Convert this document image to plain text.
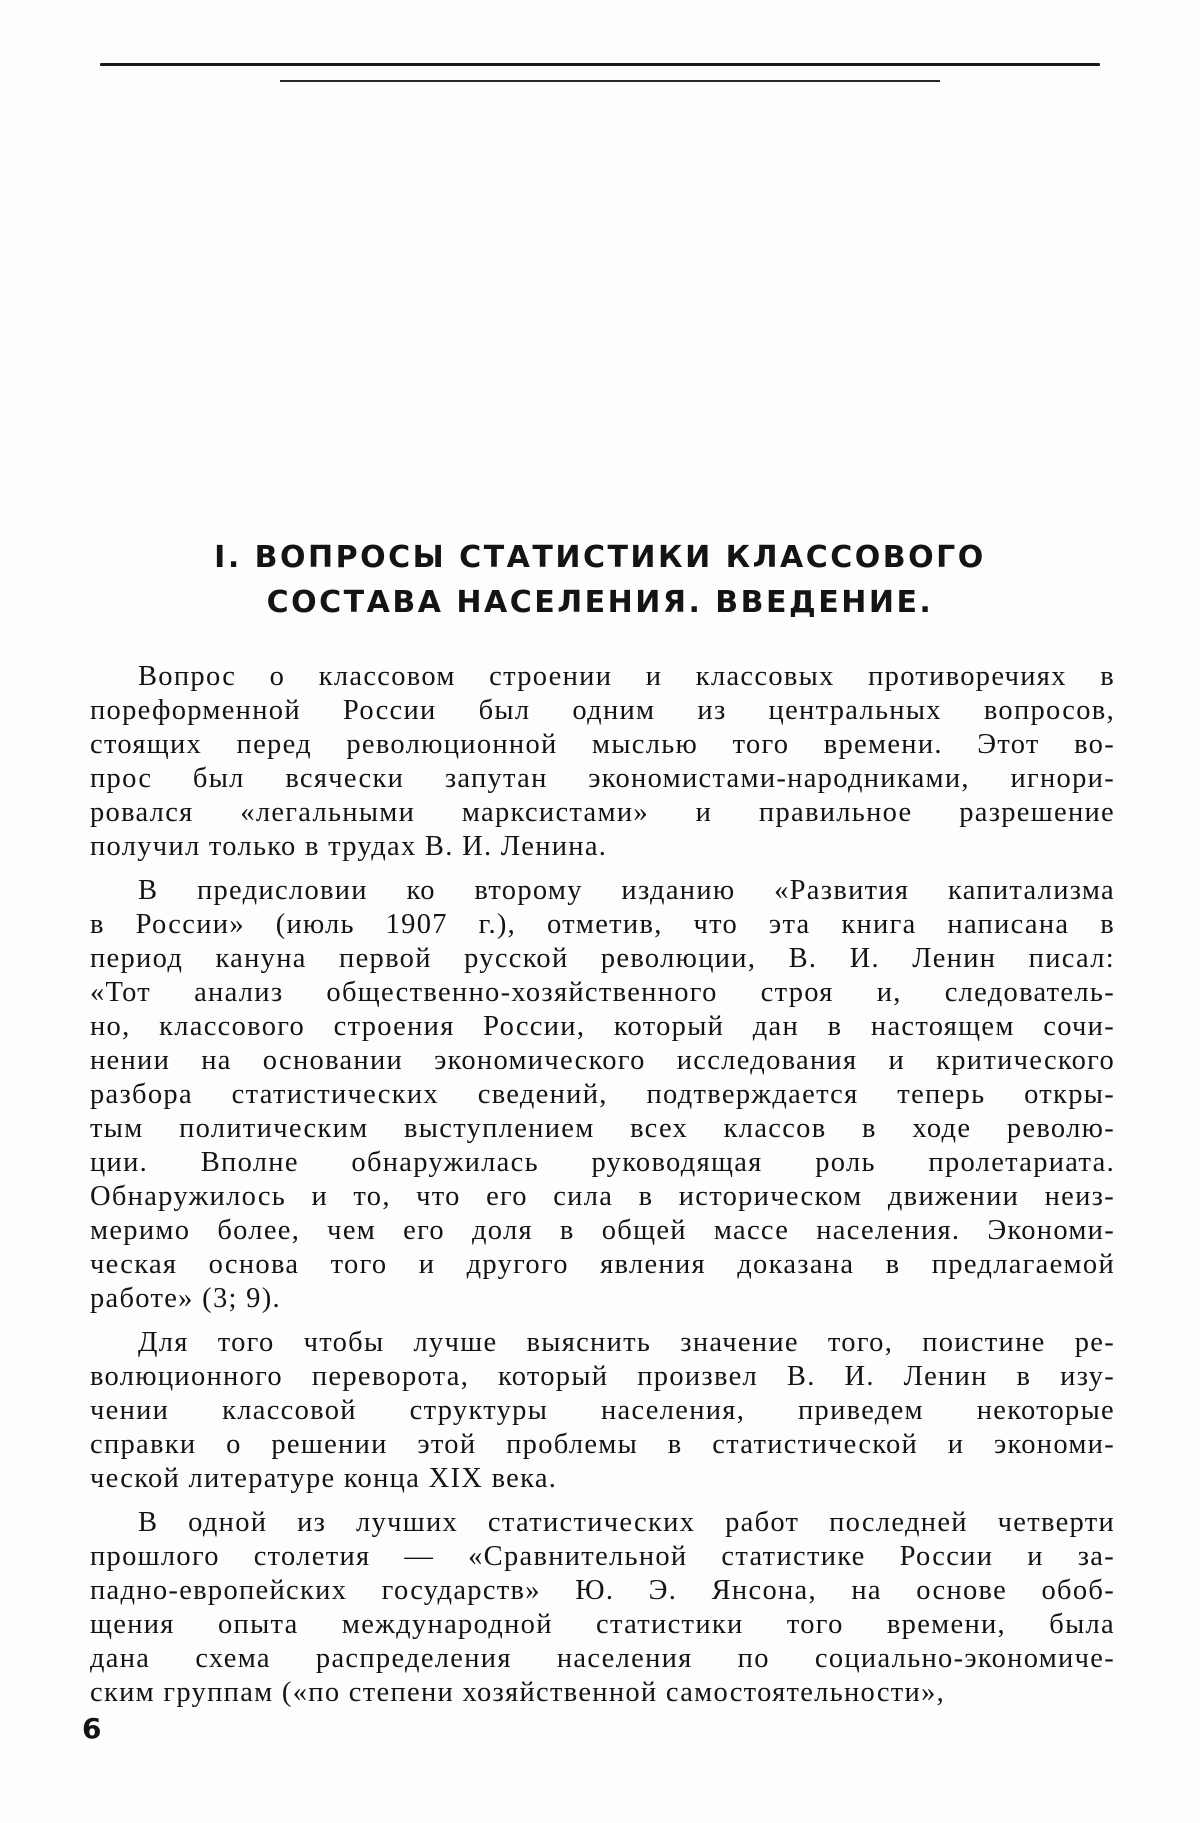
I. ВОПРОСЫ СТАТИСТИКИ КЛАССОВОГО
СОСТАВА НАСЕЛЕНИЯ. ВВЕДЕНИЕ.
Вопрос о классовом строении и классовых противоречиях в
пореформенной России был одним из центральных вопросов,
стоящих перед революционной мыслью того времени. Этот во-
прос был всячески запутан экономистами-народниками, игнори-
ровался «легальными марксистами» и правильное разрешение
получил только в трудах В. И. Ленина.
В предисловии ко второму изданию «Развития капитализма
в России» (июль 1907 г.), отметив, что эта книга написана в
период кануна первой русской революции, В. И. Ленин писал:
«Тот анализ общественно-хозяйственного строя и, следователь-
но, классового строения России, который дан в настоящем сочи-
нении на основании экономического исследования и критического
разбора статистических сведений, подтверждается теперь откры-
тым политическим выступлением всех классов в ходе револю-
ции. Вполне обнаружилась руководящая роль пролетариата.
Обнаружилось и то, что его сила в историческом движении неиз-
меримо более, чем его доля в общей массе населения. Экономи-
ческая основа того и другого явления доказана в предлагаемой
работе» (3; 9).
Для того чтобы лучше выяснить значение того, поистине ре-
волюционного переворота, который произвел В. И. Ленин в изу-
чении классовой структуры населения, приведем некоторые
справки о решении этой проблемы в статистической и экономи-
ческой литературе конца XIX века.
В одной из лучших статистических работ последней четверти
прошлого столетия — «Сравнительной статистике России и за-
падно-европейских государств» Ю. Э. Янсона, на основе обоб-
щения опыта международной статистики того времени, была
дана схема распределения населения по социально-экономиче-
ским группам («по степени хозяйственной самостоятельности»,
6
